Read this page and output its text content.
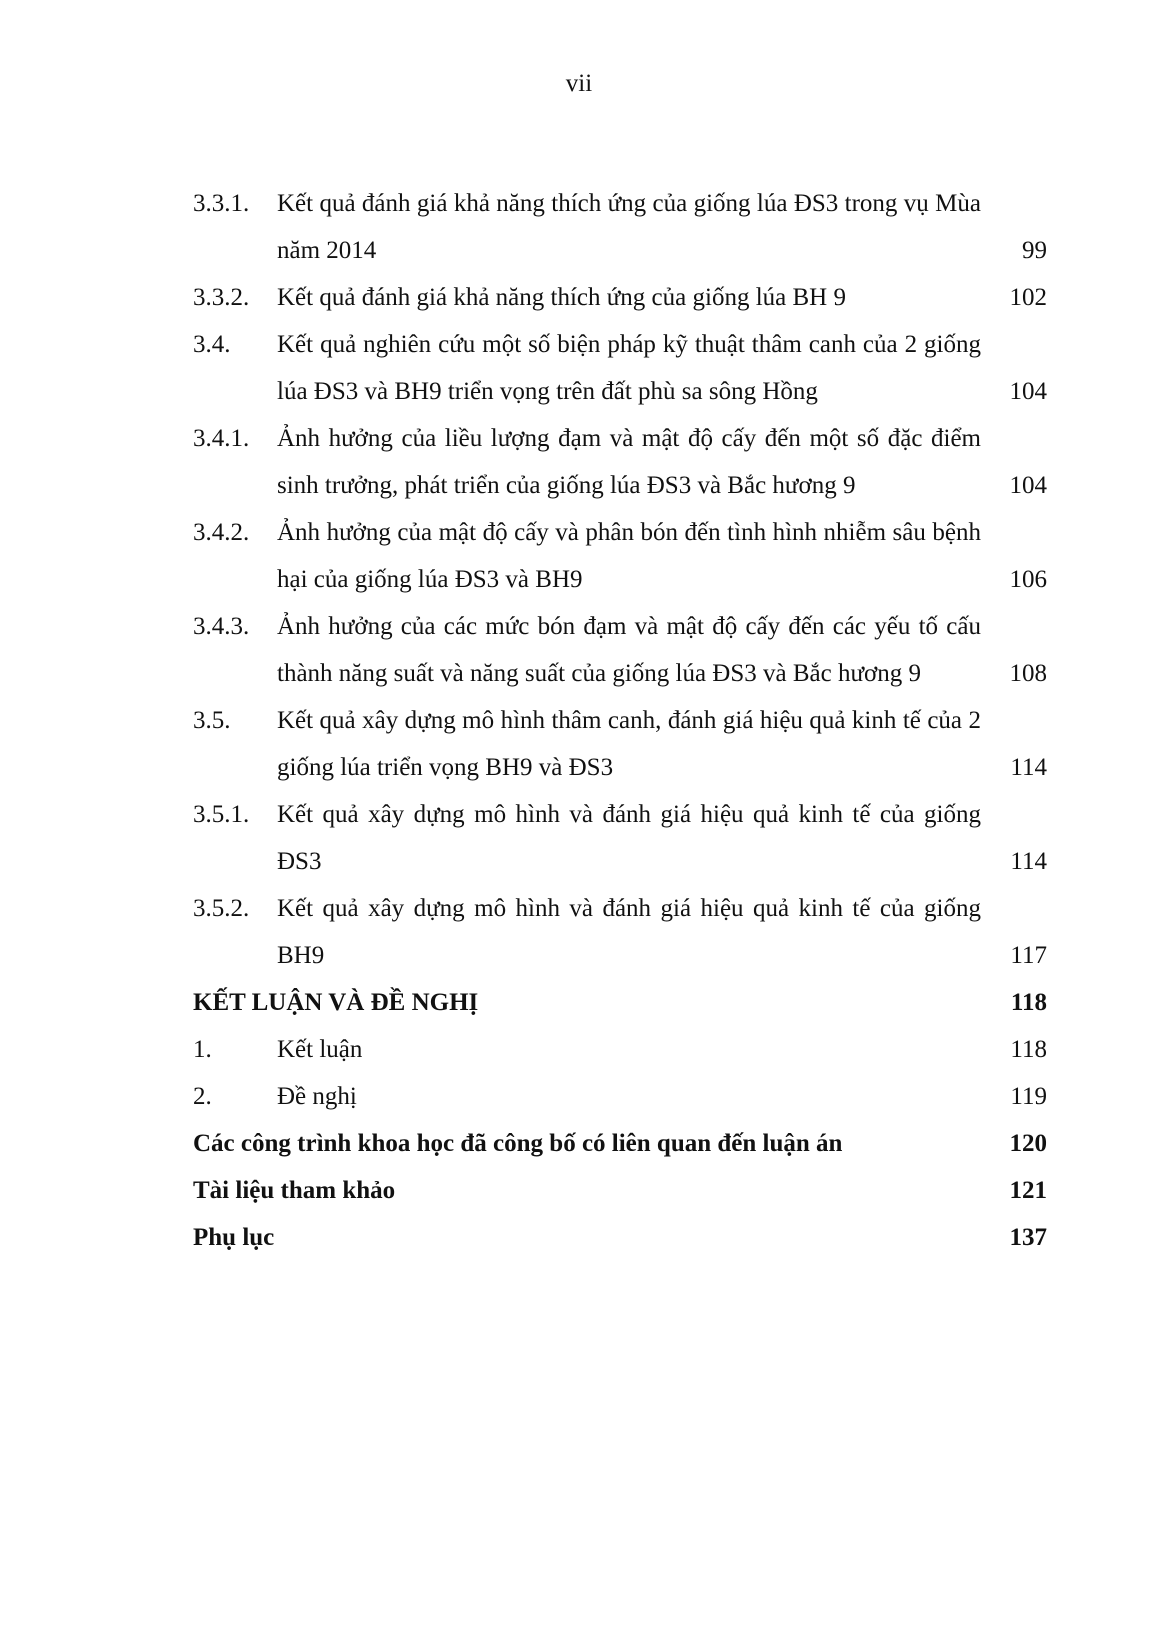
vii
3.3.1. Kết quả đánh giá khả năng thích ứng của giống lúa ĐS3 trong vụ Mùa năm 2014	99
3.3.2. Kết quả đánh giá khả năng thích ứng của giống lúa BH 9	102
3.4. Kết quả nghiên cứu một số biện pháp kỹ thuật thâm canh của 2 giống lúa ĐS3 và BH9 triển vọng trên đất phù sa sông Hồng	104
3.4.1. Ảnh hưởng của liều lượng đạm và mật độ cấy đến một số đặc điểm sinh trưởng, phát triển của giống lúa ĐS3 và Bắc hương 9	104
3.4.2. Ảnh hưởng của mật độ cấy và phân bón đến tình hình nhiễm sâu bệnh hại của giống lúa ĐS3 và BH9	106
3.4.3. Ảnh hưởng của các mức bón đạm và mật độ cấy đến các yếu tố cấu thành năng suất và năng suất của giống lúa ĐS3 và Bắc hương 9	108
3.5. Kết quả xây dựng mô hình thâm canh, đánh giá hiệu quả kinh tế của 2 giống lúa triển vọng BH9 và ĐS3	114
3.5.1. Kết quả xây dựng mô hình và đánh giá hiệu quả kinh tế của giống ĐS3	114
3.5.2. Kết quả xây dựng mô hình và đánh giá hiệu quả kinh tế của giống BH9	117
KẾT LUẬN VÀ ĐỀ NGHỊ	118
1.	Kết luận	118
2.	Đề nghị	119
Các công trình khoa học đã công bố có liên quan đến luận án	120
Tài liệu tham khảo	121
Phụ lục	137
